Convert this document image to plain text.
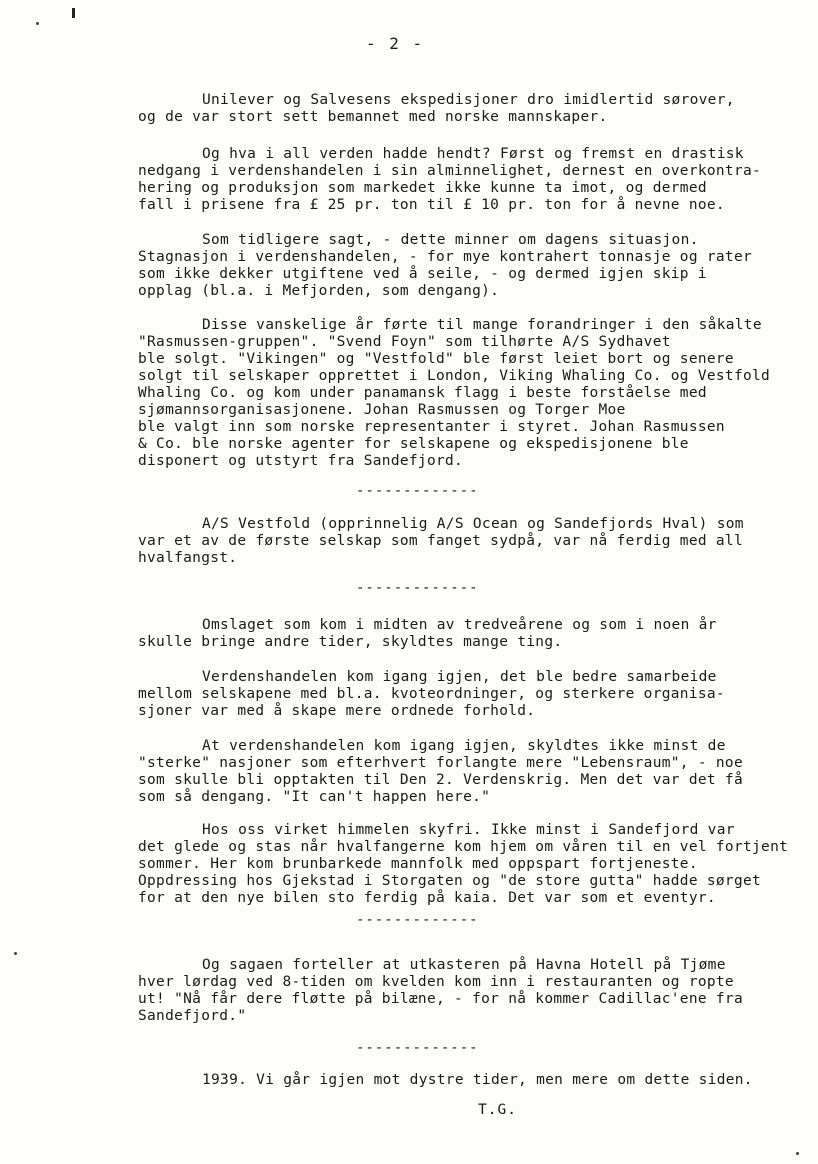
- 2 -
Unilever og Salvesens ekspedisjoner dro imidlertid sørover,
og de var stort sett bemannet med norske mannskaper.
Og hva i all verden hadde hendt? Først og fremst en drastisk
nedgang i verdenshandelen i sin alminnelighet, dernest en overkontra-
hering og produksjon som markedet ikke kunne ta imot, og dermed
fall i prisene fra £ 25 pr. ton til £ 10 pr. ton for å nevne noe.
Som tidligere sagt, - dette minner om dagens situasjon.
Stagnasjon i verdenshandelen, - for mye kontrahert tonnasje og rater
som ikke dekker utgiftene ved å seile, - og dermed igjen skip i
opplag (bl.a. i Mefjorden, som dengang).
Disse vanskelige år førte til mange forandringer i den såkalte
"Rasmussen-gruppen". "Svend Foyn" som tilhørte A/S Sydhavet
ble solgt. "Vikingen" og "Vestfold" ble først leiet bort og senere
solgt til selskaper opprettet i London, Viking Whaling Co. og Vestfold
Whaling Co. og kom under panamansk flagg i beste forståelse med
sjømannsorganisasjonene. Johan Rasmussen og Torger Moe
ble valgt inn som norske representanter i styret. Johan Rasmussen
& Co. ble norske agenter for selskapene og ekspedisjonene ble
disponert og utstyrt fra Sandefjord.
A/S Vestfold (opprinnelig A/S Ocean og Sandefjords Hval) som
var et av de første selskap som fanget sydpå, var nå ferdig med all
hvalfangst.
Omslaget som kom i midten av tredveårene og som i noen år
skulle bringe andre tider, skyldtes mange ting.
Verdenshandelen kom igang igjen, det ble bedre samarbeide
mellom selskapene med bl.a. kvoteordninger, og sterkere organisa-
sjoner var med å skape mere ordnede forhold.
At verdenshandelen kom igang igjen, skyldtes ikke minst de
"sterke" nasjoner som efterhvert forlangte mere "Lebensraum", - noe
som skulle bli opptakten til Den 2. Verdenskrig. Men det var det få
som så dengang. "It can't happen here."
Hos oss virket himmelen skyfri. Ikke minst i Sandefjord var
det glede og stas når hvalfangerne kom hjem om våren til en vel fortjent
sommer. Her kom brunbarkede mannfolk med oppspart fortjeneste.
Oppdressing hos Gjekstad i Storgaten og "de store gutta" hadde sørget
for at den nye bilen sto ferdig på kaia. Det var som et eventyr.
Og sagaen forteller at utkasteren på Havna Hotell på Tjøme
hver lørdag ved 8-tiden om kvelden kom inn i restauranten og ropte
ut! "Nå får dere fløtte på bilæne, - for nå kommer Cadillac'ene fra
Sandefjord."
1939. Vi går igjen mot dystre tider, men mere om dette siden.
-------------
-------------
-------------
-------------
T.G.
